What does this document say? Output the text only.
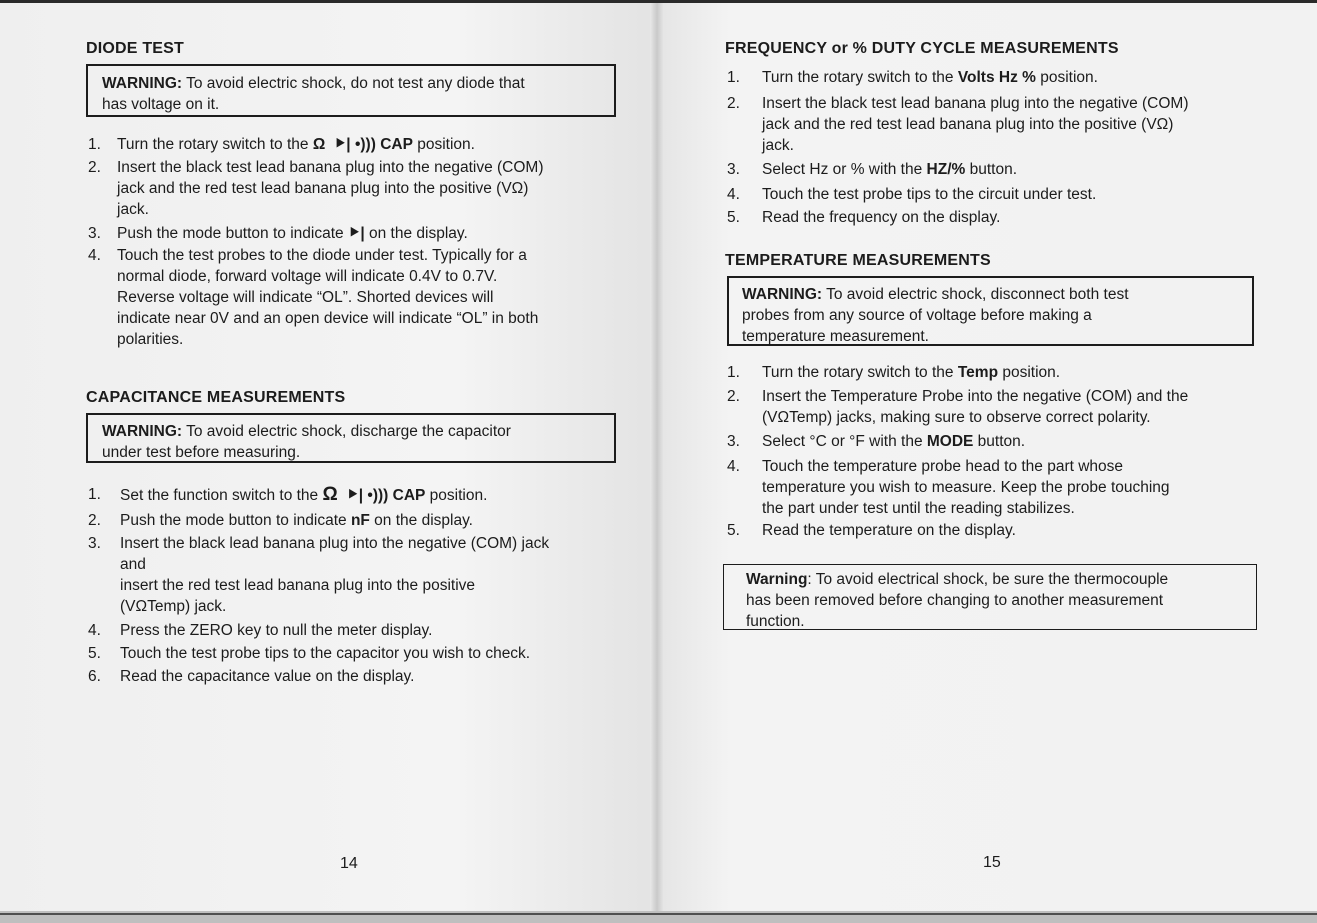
DIODE TEST
WARNING: To avoid electric shock, do not test any diode that
has voltage on it.
1. Turn the rotary switch to the Ω ⯈| •))) CAP position.
2. Insert the black test lead banana plug into the negative (COM)
jack and the red test lead banana plug into the positive (VΩ)
jack.
3. Push the mode button to indicate ⯈| on the display.
4. Touch the test probes to the diode under test. Typically for a
normal diode, forward voltage will indicate 0.4V to 0.7V.
Reverse voltage will indicate “OL”. Shorted devices will
indicate near 0V and an open device will indicate “OL” in both
polarities.
CAPACITANCE MEASUREMENTS
WARNING: To avoid electric shock, discharge the capacitor
under test before measuring.
1. Set the function switch to the Ω ⯈| •))) CAP position.
2. Push the mode button to indicate nF on the display.
3. Insert the black lead banana plug into the negative (COM) jack
and
insert the red test lead banana plug into the positive
(VΩTemp) jack.
4. Press the ZERO key to null the meter display.
5. Touch the test probe tips to the capacitor you wish to check.
6. Read the capacitance value on the display.
14
FREQUENCY or % DUTY CYCLE MEASUREMENTS
1. Turn the rotary switch to the Volts Hz % position.
2. Insert the black test lead banana plug into the negative (COM)
jack and the red test lead banana plug into the positive (VΩ)
jack.
3. Select Hz or % with the HZ/% button.
4. Touch the test probe tips to the circuit under test.
5. Read the frequency on the display.
TEMPERATURE MEASUREMENTS
WARNING: To avoid electric shock, disconnect both test
probes from any source of voltage before making a
temperature measurement.
1. Turn the rotary switch to the Temp position.
2. Insert the Temperature Probe into the negative (COM) and the
(VΩTemp) jacks, making sure to observe correct polarity.
3. Select °C or °F with the MODE button.
4. Touch the temperature probe head to the part whose
temperature you wish to measure. Keep the probe touching
the part under test until the reading stabilizes.
5. Read the temperature on the display.
Warning: To avoid electrical shock, be sure the thermocouple
has been removed before changing to another measurement
function.
15
